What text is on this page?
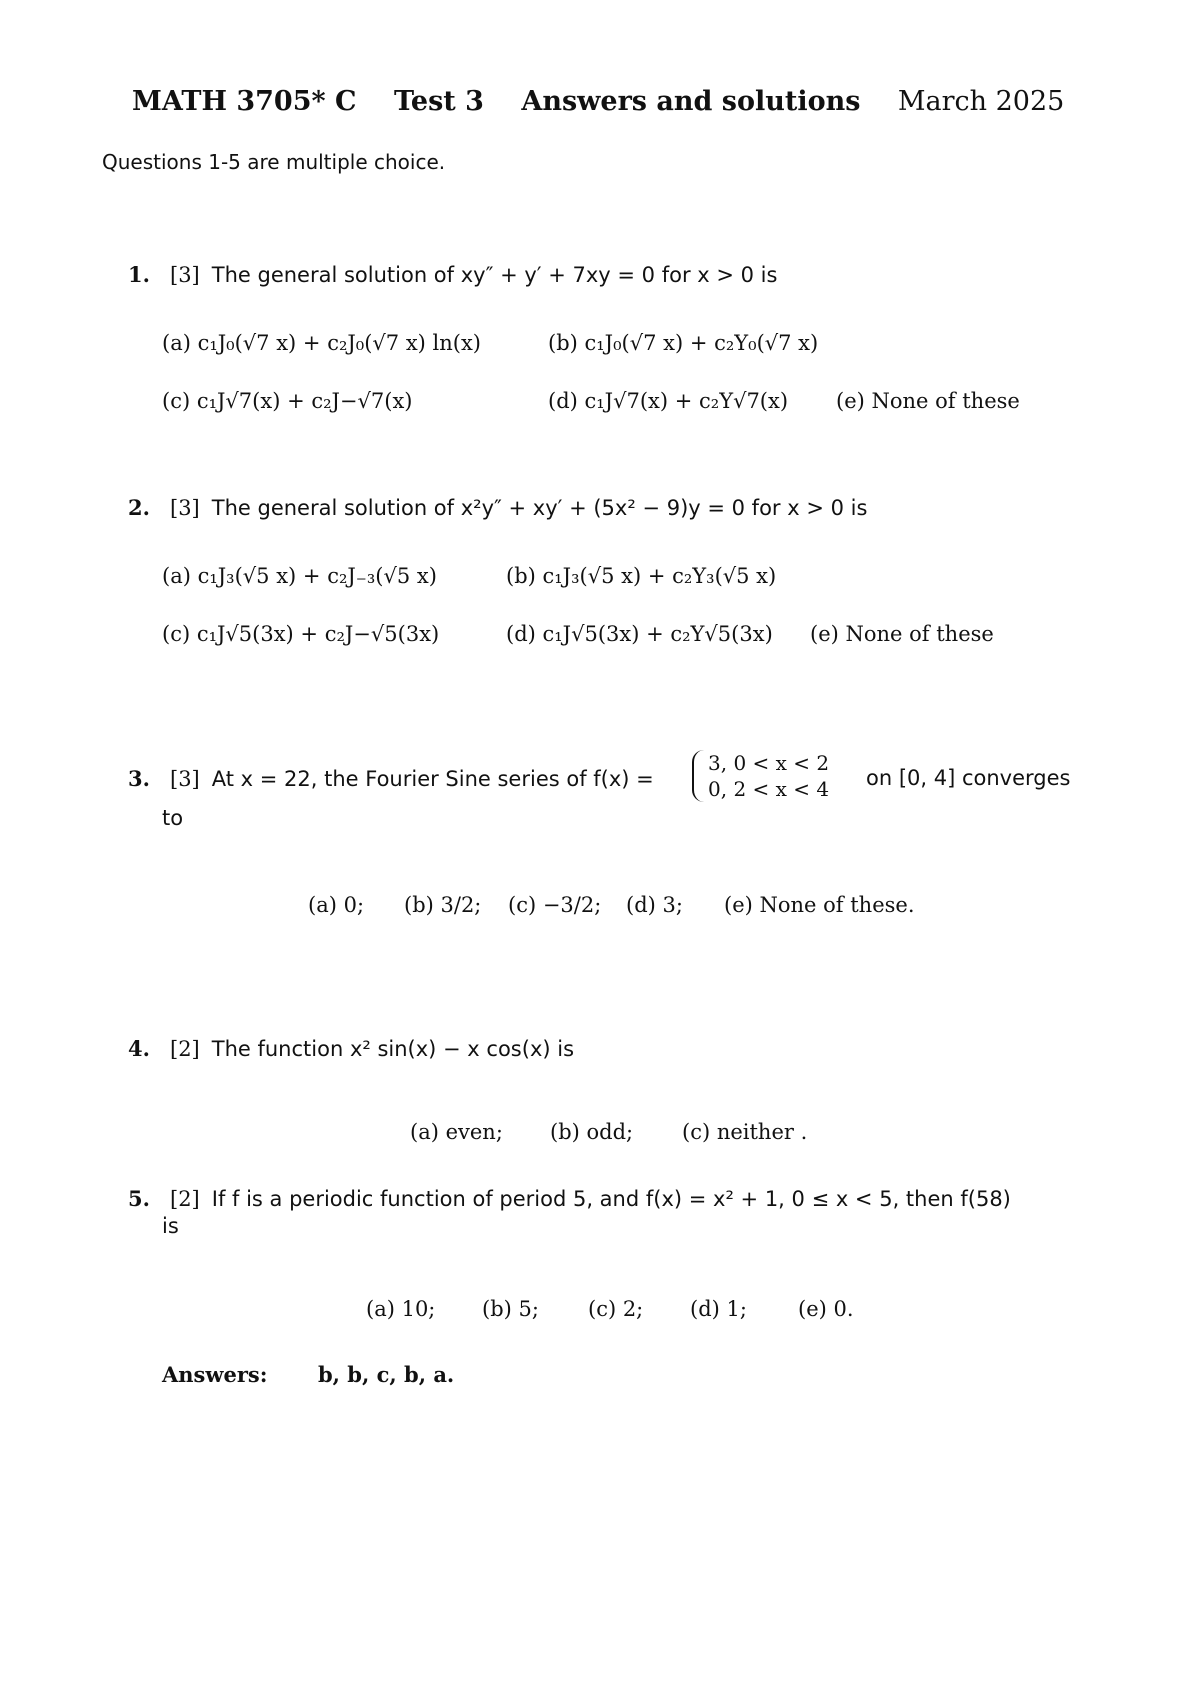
MATH 3705* C Test 3 Answers and solutions March 2025
Questions 1-5 are multiple choice.
1. [3] The general solution of xy″ + y′ + 7xy = 0 for x > 0 is
(a) c₁J₀(√7 x) + c₂J₀(√7 x) ln(x)	(b) c₁J₀(√7 x) + c₂Y₀(√7 x)
(c) c₁J√7(x) + c₂J−√7(x)	(d) c₁J√7(x) + c₂Y√7(x) (e) None of these
2. [3] The general solution of x²y″ + xy′ + (5x² − 9)y = 0 for x > 0 is
(a) c₁J₃(√5 x) + c₂J₋₃(√5 x)	(b) c₁J₃(√5 x) + c₂Y₃(√5 x)
(c) c₁J√5(3x) + c₂J−√5(3x)	(d) c₁J√5(3x) + c₂Y√5(3x) (e) None of these
3. [3] At x = 22, the Fourier Sine series of f(x) =
3, 0 < x < 2
0, 2 < x < 4 on [0, 4] converges
to
(a) 0; (b) 3/2; (c) −3/2; (d) 3; (e) None of these.
4. [2] The function x² sin(x) − x cos(x) is
(a) even; (b) odd; (c) neither .
5. [2] If f is a periodic function of period 5, and f(x) = x² + 1, 0 ≤ x < 5, then f(58)
is
(a) 10; (b) 5; (c) 2; (d) 1; (e) 0.
Answers: b, b, c, b, a.
